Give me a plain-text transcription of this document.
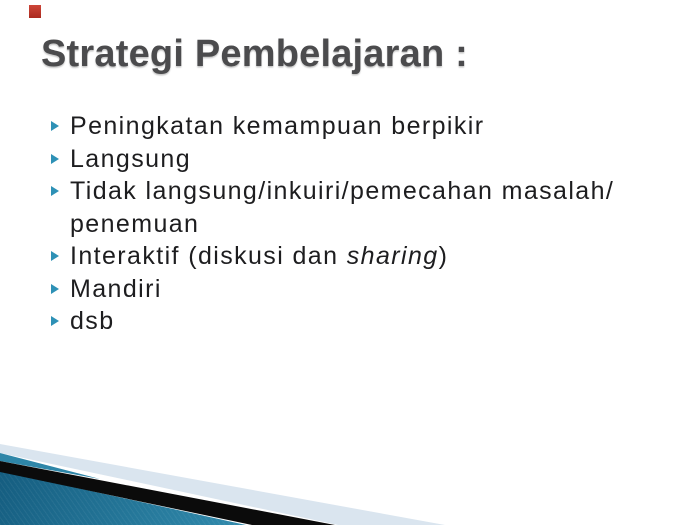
Strategi Pembelajaran :
Peningkatan kemampuan berpikir
Langsung
Tidak langsung/inkuiri/pemecahan masalah/
penemuan
Interaktif (diskusi dan sharing)
Mandiri
dsb
